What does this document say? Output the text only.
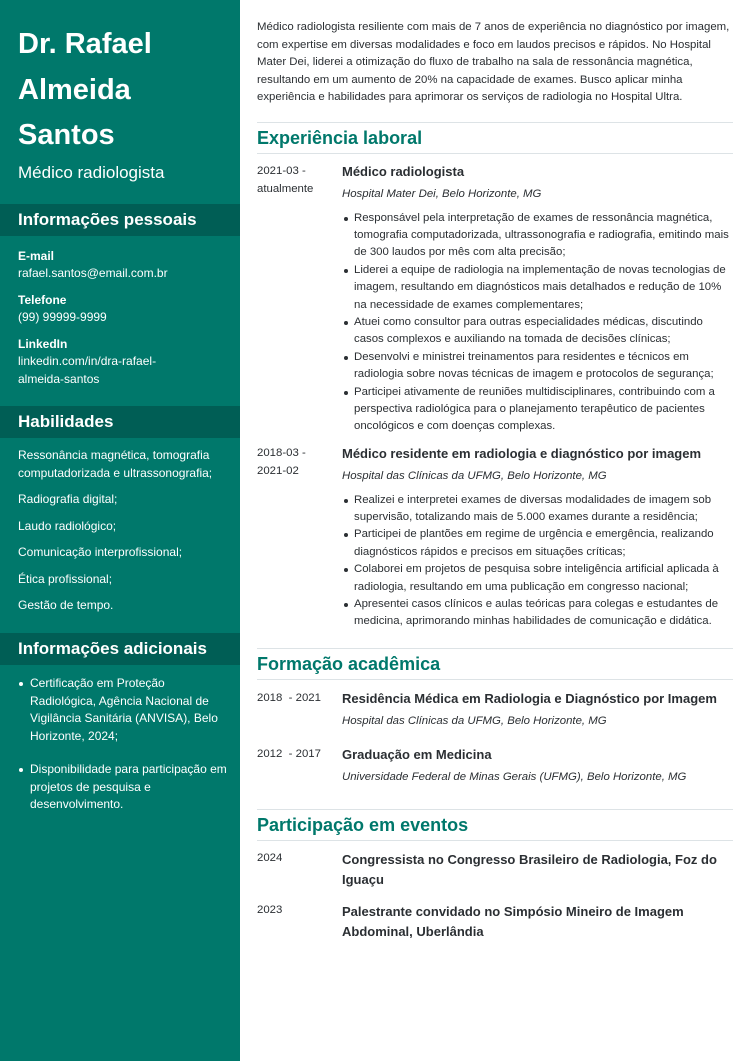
Dr. Rafael
Almeida
Santos
Médico radiologista
Informações pessoais
E-mail
rafael.santos@email.com.br
Telefone
(99) 99999-9999
LinkedIn
linkedin.com/in/dra-rafael-almeida-santos
Habilidades
Ressonância magnética, tomografia computadorizada e ultrassonografia;
Radiografia digital;
Laudo radiológico;
Comunicação interprofissional;
Ética profissional;
Gestão de tempo.
Informações adicionais
Certificação em Proteção Radiológica, Agência Nacional de Vigilância Sanitária (ANVISA), Belo Horizonte, 2024;
Disponibilidade para participação em projetos de pesquisa e desenvolvimento.

Médico radiologista resiliente com mais de 7 anos de experiência no diagnóstico por imagem, com expertise em diversas modalidades e foco em laudos precisos e rápidos. No Hospital Mater Dei, liderei a otimização do fluxo de trabalho na sala de ressonância magnética, resultando em um aumento de 20% na capacidade de exames. Busco aplicar minha experiência e habilidades para aprimorar os serviços de radiologia no Hospital Ultra.

Experiência laboral
2021-03 - atualmente
Médico radiologista
Hospital Mater Dei, Belo Horizonte, MG
Responsável pela interpretação de exames de ressonância magnética, tomografia computadorizada, ultrassonografia e radiografia, emitindo mais de 300 laudos por mês com alta precisão;
Liderei a equipe de radiologia na implementação de novas tecnologias de imagem, resultando em diagnósticos mais detalhados e redução de 10% na necessidade de exames complementares;
Atuei como consultor para outras especialidades médicas, discutindo casos complexos e auxiliando na tomada de decisões clínicas;
Desenvolvi e ministrei treinamentos para residentes e técnicos em radiologia sobre novas técnicas de imagem e protocolos de segurança;
Participei ativamente de reuniões multidisciplinares, contribuindo com a perspectiva radiológica para o planejamento terapêutico de pacientes oncológicos e com doenças complexas.
2018-03 - 2021-02
Médico residente em radiologia e diagnóstico por imagem
Hospital das Clínicas da UFMG, Belo Horizonte, MG
Realizei e interpretei exames de diversas modalidades de imagem sob supervisão, totalizando mais de 5.000 exames durante a residência;
Participei de plantões em regime de urgência e emergência, realizando diagnósticos rápidos e precisos em situações críticas;
Colaborei em projetos de pesquisa sobre inteligência artificial aplicada à radiologia, resultando em uma publicação em congresso nacional;
Apresentei casos clínicos e aulas teóricas para colegas e estudantes de medicina, aprimorando minhas habilidades de comunicação e didática.
Formação acadêmica
2018  - 2021	Residência Médica em Radiologia e Diagnóstico por Imagem
Hospital das Clínicas da UFMG, Belo Horizonte, MG
2012  - 2017	Graduação em Medicina
Universidade Federal de Minas Gerais (UFMG), Belo Horizonte, MG
Participação em eventos
2024	Congressista no Congresso Brasileiro de Radiologia, Foz do Iguaçu
2023	Palestrante convidado no Simpósio Mineiro de Imagem Abdominal, Uberlândia
